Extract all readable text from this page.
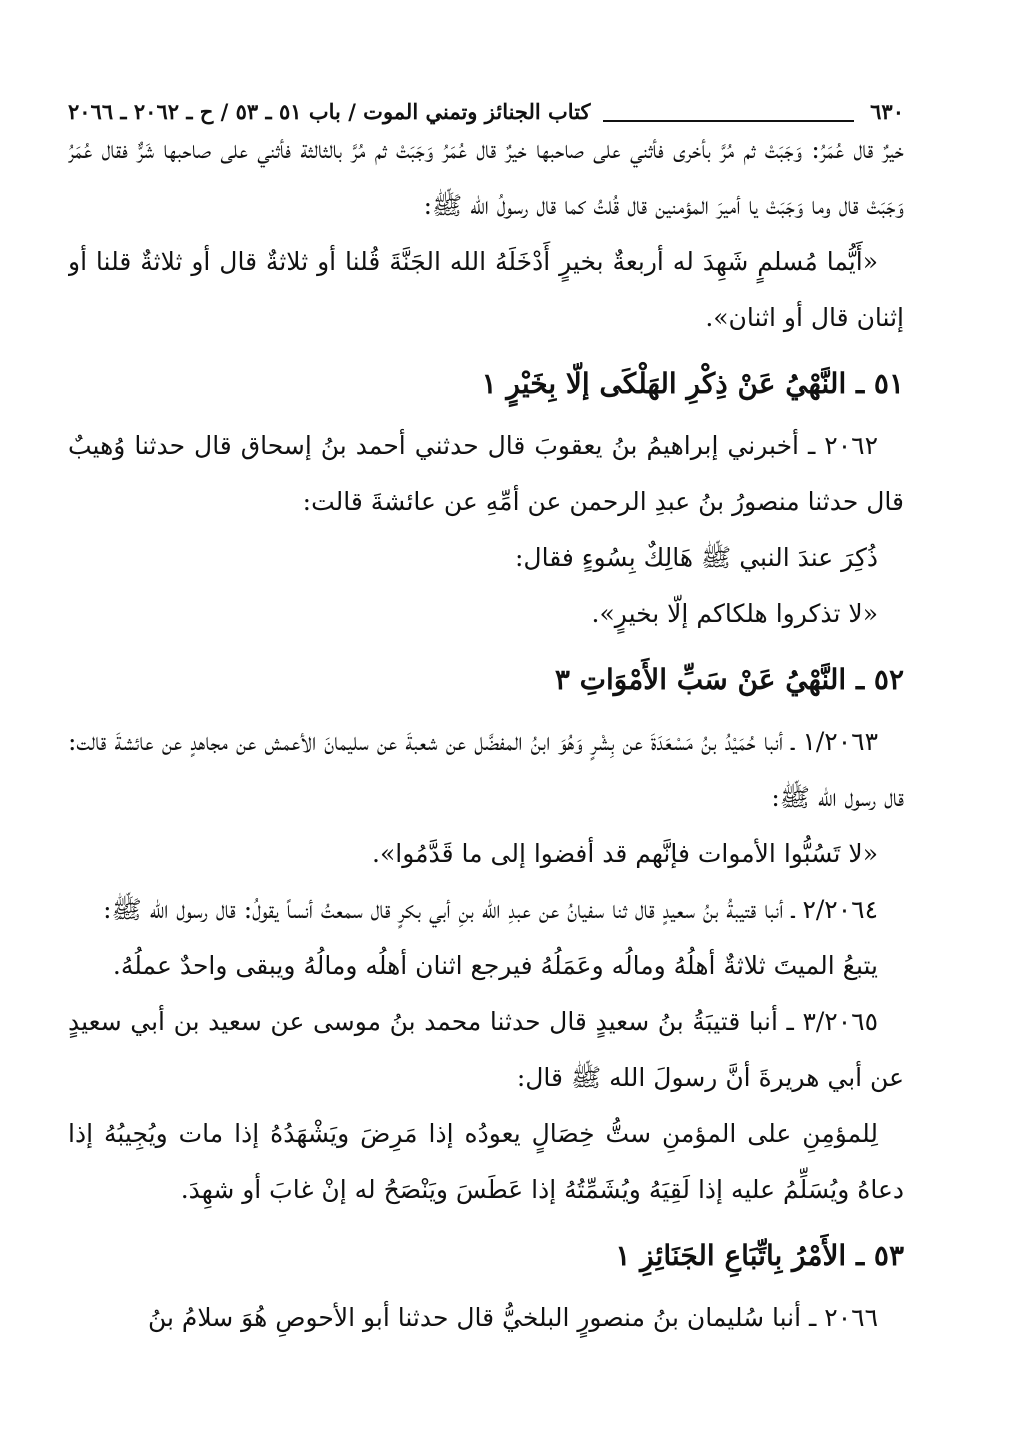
٦٣٠
كتاب الجنائز وتمني الموت / باب ٥١ ـ ٥٣ / ح ـ ٢٠٦٢ ـ ٢٠٦٦

خيرٌ قال عُمَرُ: وَجَبَتْ ثم مُرَّ بأخرى فأثني على صاحبها خيرٌ قال عُمَرُ وَجَبَتْ ثم مُرَّ بالثالثة فأثني على صاحبها شَرٌّ فقال عُمَرُ وَجَبَتْ قال وما وَجَبَتْ يا أميرَ المؤمنين قال قُلتُ كما قال رسولُ الله ﷺ:

«أَيُّما مُسلمٍ شَهِدَ له أربعةٌ بخيرٍ أَدْخَلَهُ الله الجَنَّةَ قُلنا أو ثلاثةٌ قال أو ثلاثةٌ قلنا أو إثنان قال أو اثنان».

٥١ ـ النَّهْيُ عَنْ ذِكْرِ الهَلْكَى إلّا بِخَيْرٍ ١

٢٠٦٢ ـ أخبرني إبراهيمُ بنُ يعقوبَ قال حدثني أحمد بنُ إسحاق قال حدثنا وُهيبٌ قال حدثنا منصورُ بنُ عبدِ الرحمن عن أمِّهِ عن عائشةَ قالت:

ذُكِرَ عندَ النبي ﷺ هَالِكٌ بِسُوءٍ فقال:

«لا تذكروا هلكاكم إلّا بخيرٍ».

٥٢ ـ النَّهْيُ عَنْ سَبِّ الأَمْوَاتِ ٣

١/٢٠٦٣ ـ أنبا حُمَيْدُ بنُ مَسْعَدَةَ عن بِشْرٍ وَهُوَ ابنُ المفضَّل عن شعبةَ عن سليمانَ الأعمش عن مجاهدٍ عن عائشةَ قالت: قال رسول الله ﷺ:

«لا تَسُبُّوا الأموات فإنَّهم قد أفضوا إلى ما قَدَّمُوا».

٢/٢٠٦٤ ـ أنبا قتيبةُ بنُ سعيدٍ قال ثنا سفيانُ عن عبدِ الله بنِ أبي بكرٍ قال سمعتُ أنساً يقولُ: قال رسول الله ﷺ:

يتبعُ الميتَ ثلاثةٌ أهلُهُ ومالُه وعَمَلُهُ فيرجع اثنان أهلُه ومالُهُ ويبقى واحدٌ عملُهُ.

٣/٢٠٦٥ ـ أنبا قتيبَةُ بنُ سعيدٍ قال حدثنا محمد بنُ موسى عن سعيد بن أبي سعيدٍ عن أبي هريرةَ أنَّ رسولَ الله ﷺ قال:

لِلمؤمِنِ على المؤمنِ ستُّ خِصَالٍ يعودُه إذا مَرِضَ ويَشْهَدُهُ إذا مات ويُجِيبُهُ إذا دعاهُ ويُسَلِّمُ عليه إذا لَقِيَهُ ويُشَمِّتُهُ إذا عَطَسَ ويَنْصَحُ له إنْ غابَ أو شهِدَ.

٥٣ ـ الأَمْرُ بِاتِّبَاعِ الجَنَائِزِ ١

٢٠٦٦ ـ أنبا سُليمان بنُ منصورٍ البلخيُّ قال حدثنا أبو الأحوصِ هُوَ سلامُ بنُ
